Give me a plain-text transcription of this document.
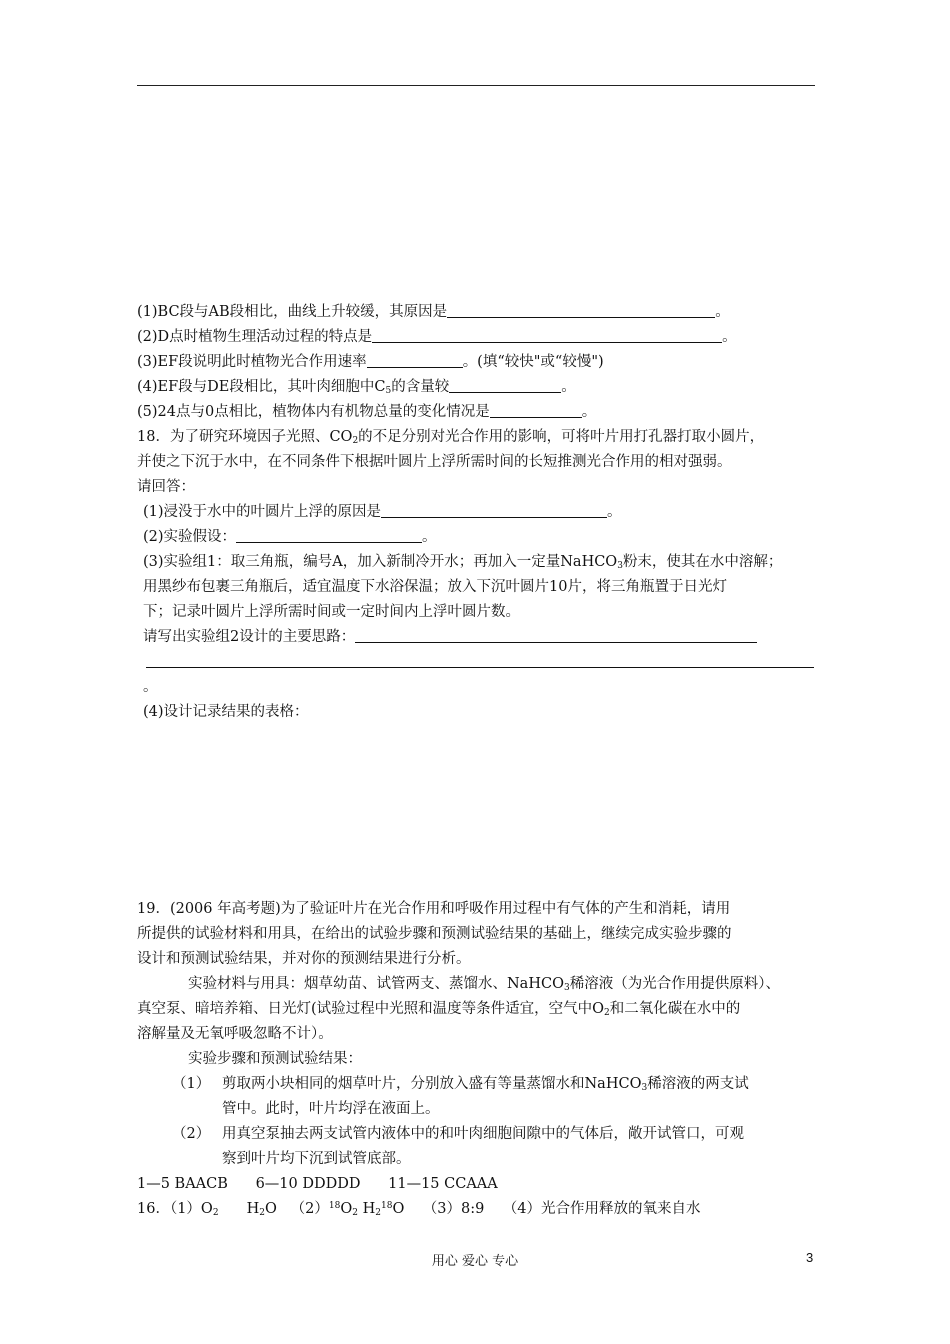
(1)BC段与AB段相比，曲线上升较缓，其原因是	。
(2)D点时植物生理活动过程的特点是	。
(3)EF段说明此时植物光合作用速率	。(填“较快"或“较慢")
(4)EF段与DE段相比，其叶肉细胞中$C_5$的含量较	。
(5)24点与0点相比，植物体内有机物总量的变化情况是	。
18．为了研究环境因子光照、$CO_2$的不足分别对光合作用的影响，可将叶片用打孔器打取小圆片，
并使之下沉于水中，在不同条件下根据叶圆片上浮所需时间的长短推测光合作用的相对强弱。
请回答：
(1)浸没于水中的叶圆片上浮的原因是	。
(2)实验假设：	。
(3)实验组1：取三角瓶，编号A，加入新制冷开水；再加入一定量NaHCO$_3$粉末，使其在水中溶解；
用黑纱布包裹三角瓶后，适宜温度下水浴保温；放入下沉叶圆片10片，将三角瓶置于日光灯
下；记录叶圆片上浮所需时间或一定时间内上浮叶圆片数。
请写出实验组2设计的主要思路：
。
(4)设计记录结果的表格：
19．(2006 年高考题)为了验证叶片在光合作用和呼吸作用过程中有气体的产生和消耗，请用
所提供的试验材料和用具，在给出的试验步骤和预测试验结果的基础上，继续完成实验步骤的
设计和预测试验结果，并对你的预测结果进行分析。
实验材料与用具：烟草幼苗、试管两支、蒸馏水、NaHCO$_3$稀溶液（为光合作用提供原料）、
真空泵、暗培养箱、日光灯(试验过程中光照和温度等条件适宜，空气中$O_2$和二氧化碳在水中的
溶解量及无氧呼吸忽略不计）。
实验步骤和预测试验结果：
（1） 剪取两小块相同的烟草叶片，分别放入盛有等量蒸馏水和NaHCO$_3$稀溶液的两支试
管中。此时，叶片均浮在液面上。
（2） 用真空泵抽去两支试管内液体中的和叶肉细胞间隙中的气体后，敞开试管口，可观
察到叶片均下沉到试管底部。
1—5 BAACB      6—10 DDDDD      11—15 CCAAA
16．$(1)O_2$ $H_2O$   $(2)^{18}O_2$ $H_2^{18}O$    （3）8:9    （4）光合作用释放的氧来自水
用心 爱心 专心	3
